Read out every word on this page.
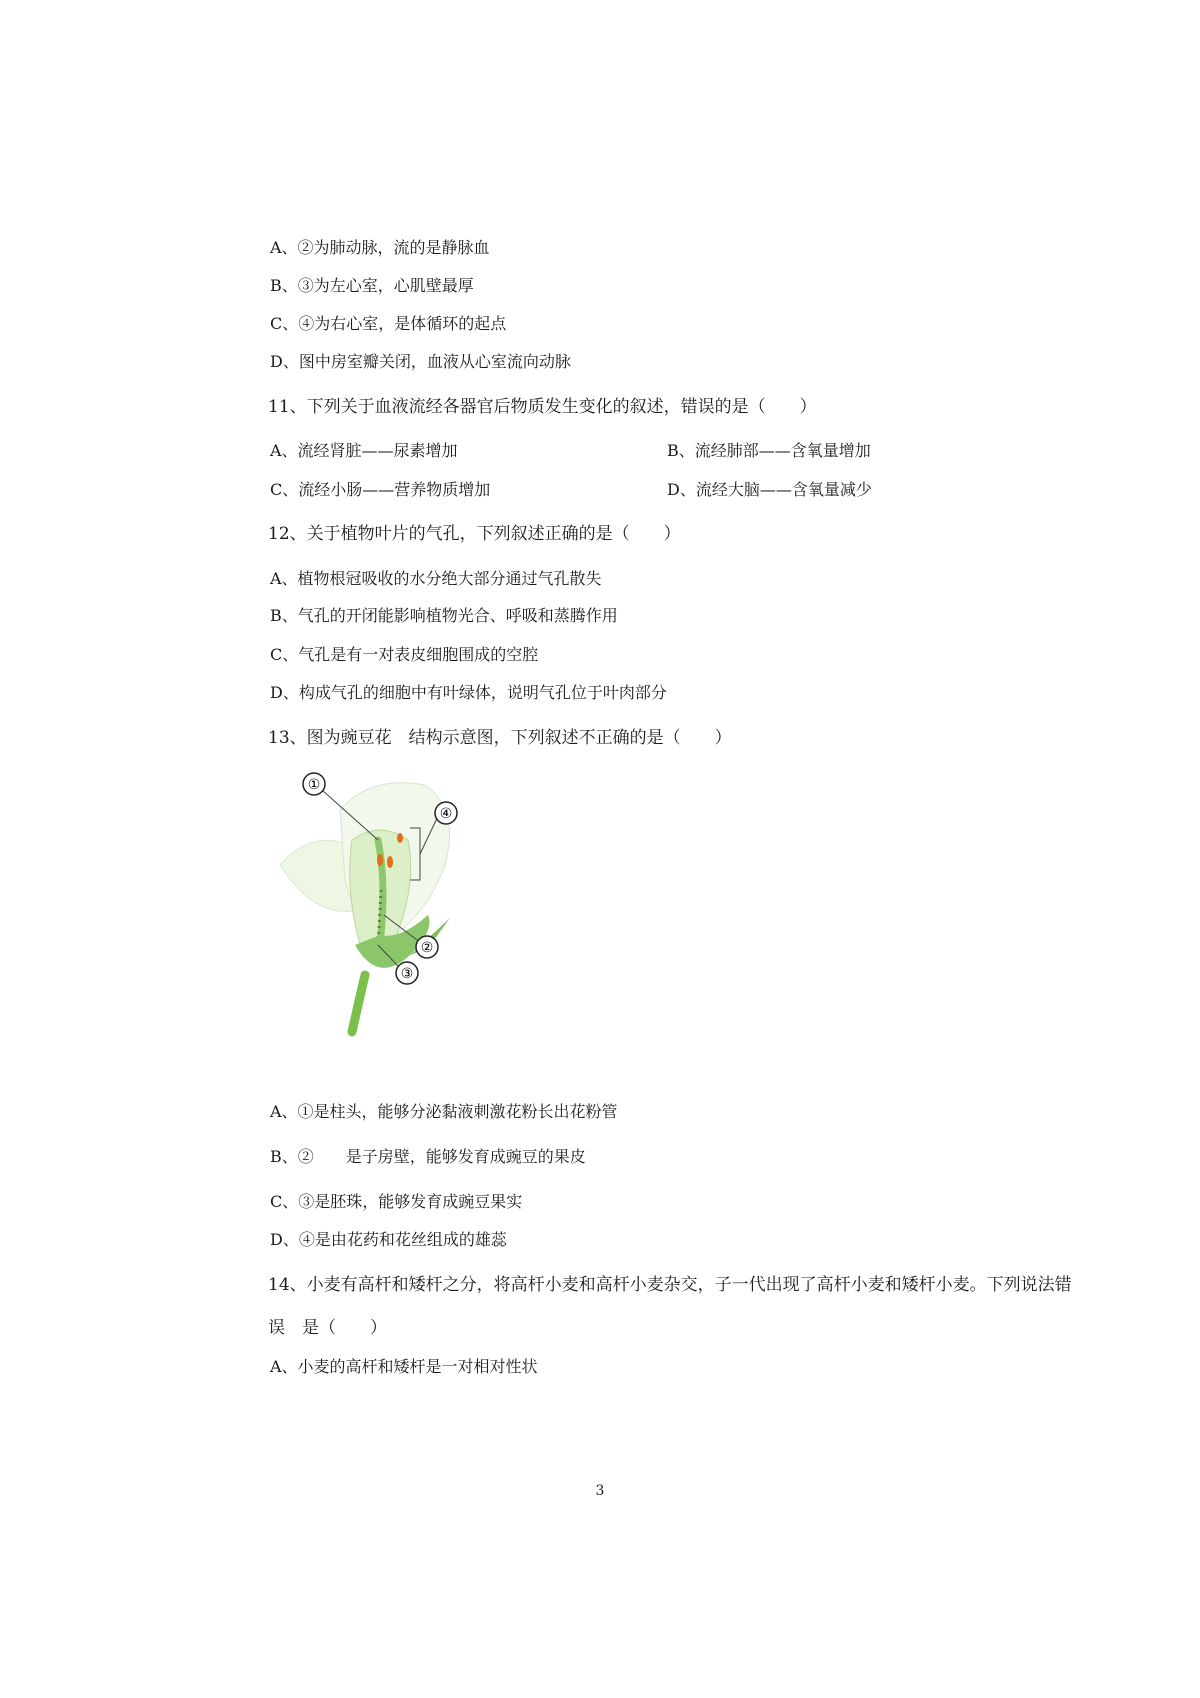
A、②为肺动脉，流的是静脉血
B、③为左心室，心肌壁最厚
C、④为右心室，是体循环的起点
D、图中房室瓣关闭，血液从心室流向动脉
11、下列关于血液流经各器官后物质发生变化的叙述，错误的是（　　）
A、流经肾脏——尿素增加	B、流经肺部——含氧量增加
C、流经小肠——营养物质增加	D、流经大脑——含氧量减少
12、关于植物叶片的气孔，下列叙述正确的是（　　）
A、植物根冠吸收的水分绝大部分通过气孔散失
B、气孔的开闭能影响植物光合、呼吸和蒸腾作用
C、气孔是有一对表皮细胞围成的空腔
D、构成气孔的细胞中有叶绿体，说明气孔位于叶肉部分
13、图为豌豆花　结构示意图，下列叙述不正确的是（　　）
①
④
②
③
A、①是柱头，能够分泌黏液刺激花粉长出花粉管
B、②　　是子房壁，能够发育成豌豆的果皮
C、③是胚珠，能够发育成豌豆果实
D、④是由花药和花丝组成的雄蕊
14、小麦有高杆和矮杆之分，将高杆小麦和高杆小麦杂交，子一代出现了高杆小麦和矮杆小麦。下列说法错
误　是（　　）
A、小麦的高杆和矮杆是一对相对性状
3
